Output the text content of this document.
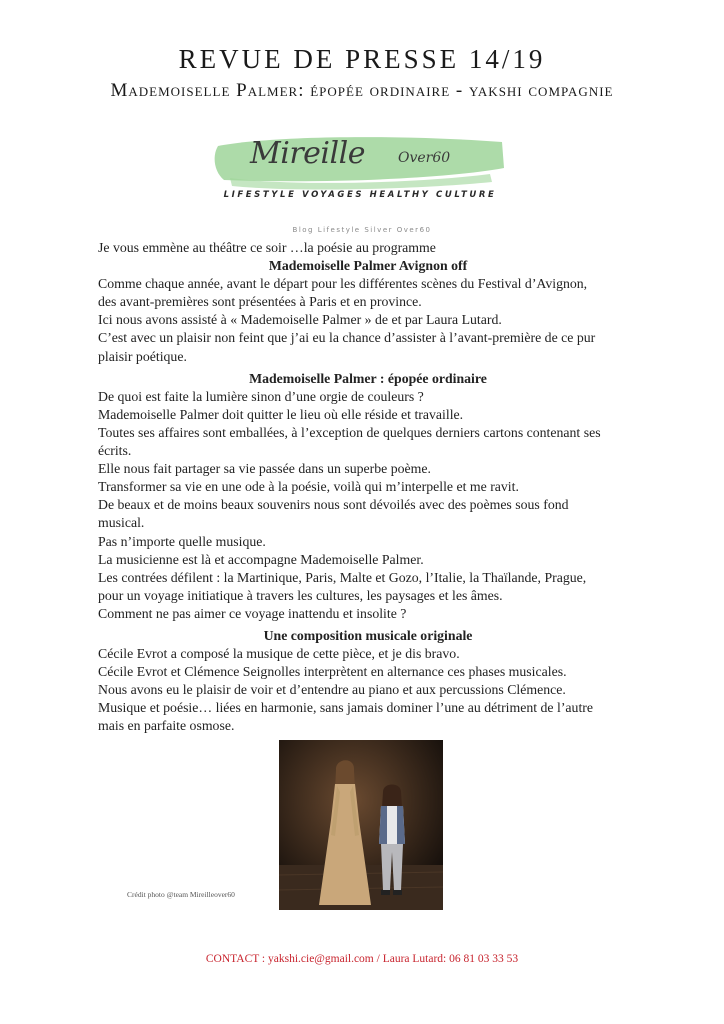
REVUE DE PRESSE 14/19
Mademoiselle Palmer: épopée ordinaire - yakshi compagnie
Mireille Over60
LIFESTYLE VOYAGES HEALTHY CULTURE
Blog Lifestyle Silver Over60

Je vous emmène au théâtre ce soir …la poésie au programme

Mademoiselle Palmer Avignon off

Comme chaque année, avant le départ pour les différentes scènes du Festival d’Avignon,

des avant-premières sont présentées à Paris et en province.

Ici nous avons assisté à « Mademoiselle Palmer » de et par Laura Lutard.

C’est avec un plaisir non feint que j’ai eu la chance d’assister à l’avant-première de ce pur

plaisir poétique.

Mademoiselle Palmer : épopée ordinaire

De quoi est faite la lumière sinon d’une orgie de couleurs ?

Mademoiselle Palmer doit quitter le lieu où elle réside et travaille.

Toutes ses affaires sont emballées, à l’exception de quelques derniers cartons contenant ses

écrits.

Elle nous fait partager sa vie passée dans un superbe poème.

Transformer sa vie en une ode à la poésie, voilà qui m’interpelle et me ravit.

De beaux et de moins beaux souvenirs nous sont dévoilés avec des poèmes sous fond

musical.

Pas n’importe quelle musique.

La musicienne est là et accompagne Mademoiselle Palmer.

Les contrées défilent : la Martinique, Paris, Malte et Gozo, l’Italie, la Thaïlande, Prague,

pour un voyage initiatique à travers les cultures, les paysages et les âmes.

Comment ne pas aimer ce voyage inattendu et insolite ?

Une composition musicale originale

Cécile Evrot a composé la musique de cette pièce, et je dis bravo.

Cécile Evrot et Clémence Seignolles interprètent en alternance ces phases musicales.

Nous avons eu le plaisir de voir et d’entendre au piano et aux percussions Clémence.

Musique et poésie… liées en harmonie, sans jamais dominer l’une au détriment de l’autre

mais en parfaite osmose.

Crédit photo @team Mireilleover60
CONTACT : yakshi.cie@gmail.com / Laura Lutard: 06 81 03 33 53
